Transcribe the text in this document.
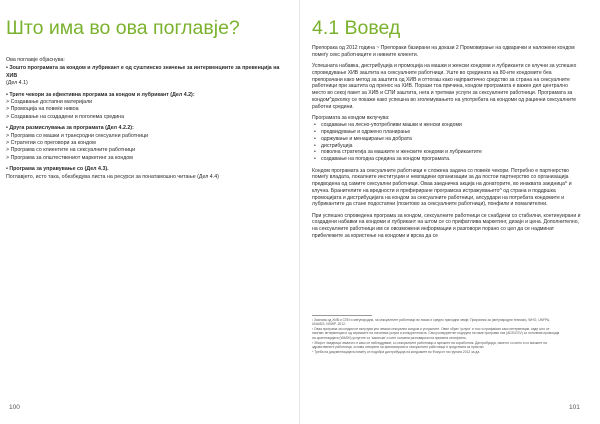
Што има во ова поглавје?

Ова поглавје објаснува:

• Зошто програмата за кондом и лубрикант е од суштинско значење за интервенциите за превенција на ХИВ

(Дел 4.1)

• Трите чекори за ефективна програма за кондом и лубрикант (Дел 4.2):

> Создавање достапни материјали

> Промоција на повеќе нивоа

> Создавање на создадени и поголема средина

• Друга размислувања за програмата (Дел 4.2.2):

> Програма со машки и трансродни сексуални работници

> Стратегии со преговори за кондом

> Програма со клиентите на сексуалните работници

> Програма за општествениот маркетинг за кондом

• Програма за управување со (Дел 4.3).

Поглавјето, исто така, обезбедува листа на ресурси за понатамошно читање (Дел 4.4)

100
4.1 Вовед

Препорака од 2012 година ~ Препораки базирани на докази 2 Промовирање на одварачки и наложени кондом помеѓу секс работниците и нивните клиенти.

Успешната набавка, дистрибуција и промоција на машки и женски кондоми и лубриканти се клучни за успешно спроведување ХИВ заштита на сексуалните работници. Уште во средината на 80-ите кондомите беа препорачани како метод за заштита од ХИВ и оттогаш како најпрактично средство за страна на сексуалните работници при заштита од пренос на ХИВ. Порази тоа причина, кондом програмата е важен дел централно место во секој пакет за ХИВ и СПИ заштита, нега и третман услуги за сексуалните работници. Програмата за кондом^доколку се покаже како успешна во зголемувањето на употребата на кондоми од рацинни сексуалните работни средини.

Програмата за кондом вклучува:

• создавање на лесно-употребливи машки и женски кондоми
• предвидување и одржено планирање
• одржување и менаџирање на добрата
• дистрибуција
• поволна стратегија за машките и женските кондоми и лубрикантите
• создавање на погодна средина за кондом програмата.

Кондом програмата за сексуалните работници е сложена задача со повеќе чекори. Потребно е партнерство помеѓу владата, локалните институции и невладини организации за да постои партнерство со организација предводена од самите сексуални работници. Оваа заедничка акција на донаторите, во инаквата заедница^ и клучна. Бранителите на вредности и префериране програмска истражувањето^ од страна и поддршка промоцијата и дистрибуцијата на кондом за сексуалните работници, апсурдари на потребата кондомите и лубрикантите да стане подостапни (позитово за сексуалните работници), понфили и помалителни.

При успешно спроведена програма за кондом, сексуалните работници се снабдени со стабилни, континуирани и создадени набавки на кондоми и лубрикант на штом се со прифатлива маркетинг, дизајн и цена. Дополнително, на сексуалните работници им се овозможени информации и разговори порано со цел да се надминат прибележите за користење на кондоми и врска да се

¹ Заснова од ХИВ и СПИ и меѓународни, за сексуалните работници во ниски и средно приходни земји; Прирачник за (меѓународни техники). WHO, UNFPA, UNAIDS, NSWP. 2012.

² Оваа програма за кондом не вклучува уни земски сексуални кондом и услушните. Овие обрат 'услуги' и тоа го прифаќаат како интервенции, каде што се наоѓаат интервенции и од сервисите на поголема услуга и конкурентноста. Секој конкурентен подгрупа на овие програми низ (ADS/CSV) со поголема промоција на ориентацијата (WASH)-услугите со 'законски' и сите основни разговарачи на примена сеопфатно.

³ Збирот 'заедница' ималото е како се набљудуваат, со сексуалните работници и мрежите на соработник. Дистрибуција, пакетот со мото и со мачките на здравствените работници, основа отворени на финансирани и сексуалните работници и средствата за пристап.

⁴ Треба на документацијата помеѓу се подобра дистрибуција на кондомите во Фокусот на групата 2012 за да.

101
